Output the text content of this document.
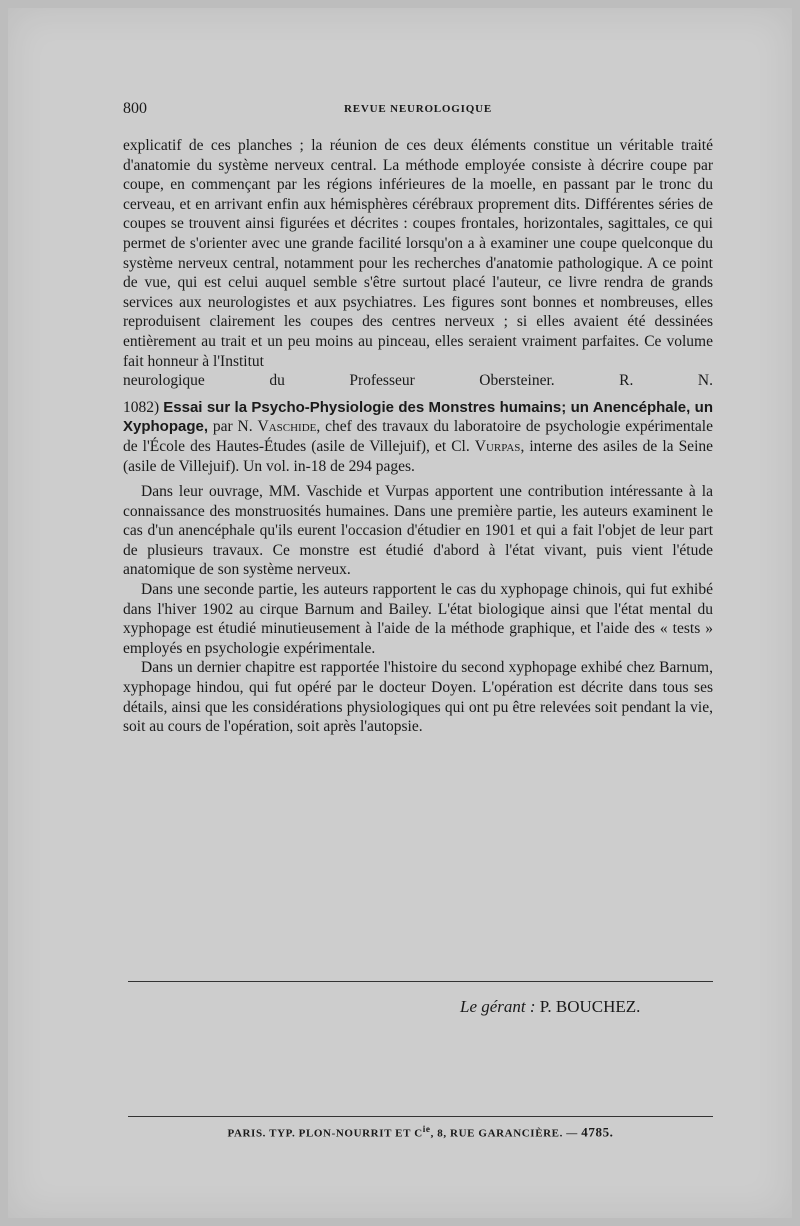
800	REVUE NEUROLOGIQUE

explicatif de ces planches ; la réunion de ces deux éléments constitue un véritable traité d'anatomie du système nerveux central. La méthode employée consiste à décrire coupe par coupe, en commençant par les régions inférieures de la moelle, en passant par le tronc du cerveau, et en arrivant enfin aux hémisphères cérébraux proprement dits. Différentes séries de coupes se trouvent ainsi figurées et décrites : coupes frontales, horizontales, sagittales, ce qui permet de s'orienter avec une grande facilité lorsqu'on a à examiner une coupe quelconque du système nerveux central, notamment pour les recherches d'anatomie pathologique. A ce point de vue, qui est celui auquel semble s'être surtout placé l'auteur, ce livre rendra de grands services aux neurologistes et aux psychiatres. Les figures sont bonnes et nombreuses, elles reproduisent clairement les coupes des centres nerveux ; si elles avaient été dessinées entièrement au trait et un peu moins au pinceau, elles seraient vraiment parfaites. Ce volume fait honneur à l'Institut

neurologique du Professeur Obersteiner.	R. N.

1082) Essai sur la Psycho-Physiologie des Monstres humains; un Anencéphale, un Xyphopage, par N. Vaschide, chef des travaux du laboratoire de psychologie expérimentale de l'École des Hautes-Études (asile de Villejuif), et Cl. Vurpas, interne des asiles de la Seine (asile de Villejuif). Un vol. in-18 de 294 pages.

Dans leur ouvrage, MM. Vaschide et Vurpas apportent une contribution intéressante à la connaissance des monstruosités humaines. Dans une première partie, les auteurs examinent le cas d'un anencéphale qu'ils eurent l'occasion d'étudier en 1901 et qui a fait l'objet de leur part de plusieurs travaux. Ce monstre est étudié d'abord à l'état vivant, puis vient l'étude anatomique de son système nerveux.

Dans une seconde partie, les auteurs rapportent le cas du xyphopage chinois, qui fut exhibé dans l'hiver 1902 au cirque Barnum and Bailey. L'état biologique ainsi que l'état mental du xyphopage est étudié minutieusement à l'aide de la méthode graphique, et l'aide des « tests » employés en psychologie expérimentale.

Dans un dernier chapitre est rapportée l'histoire du second xyphopage exhibé chez Barnum, xyphopage hindou, qui fut opéré par le docteur Doyen. L'opération est décrite dans tous ses détails, ainsi que les considérations physiologiques qui ont pu être relevées soit pendant la vie, soit au cours de l'opération, soit après l'autopsie.

Le gérant : P. BOUCHEZ.
PARIS. TYP. PLON-NOURRIT ET $C^{ie}$, 8, RUE GARANCIÈRE. — 4785.
